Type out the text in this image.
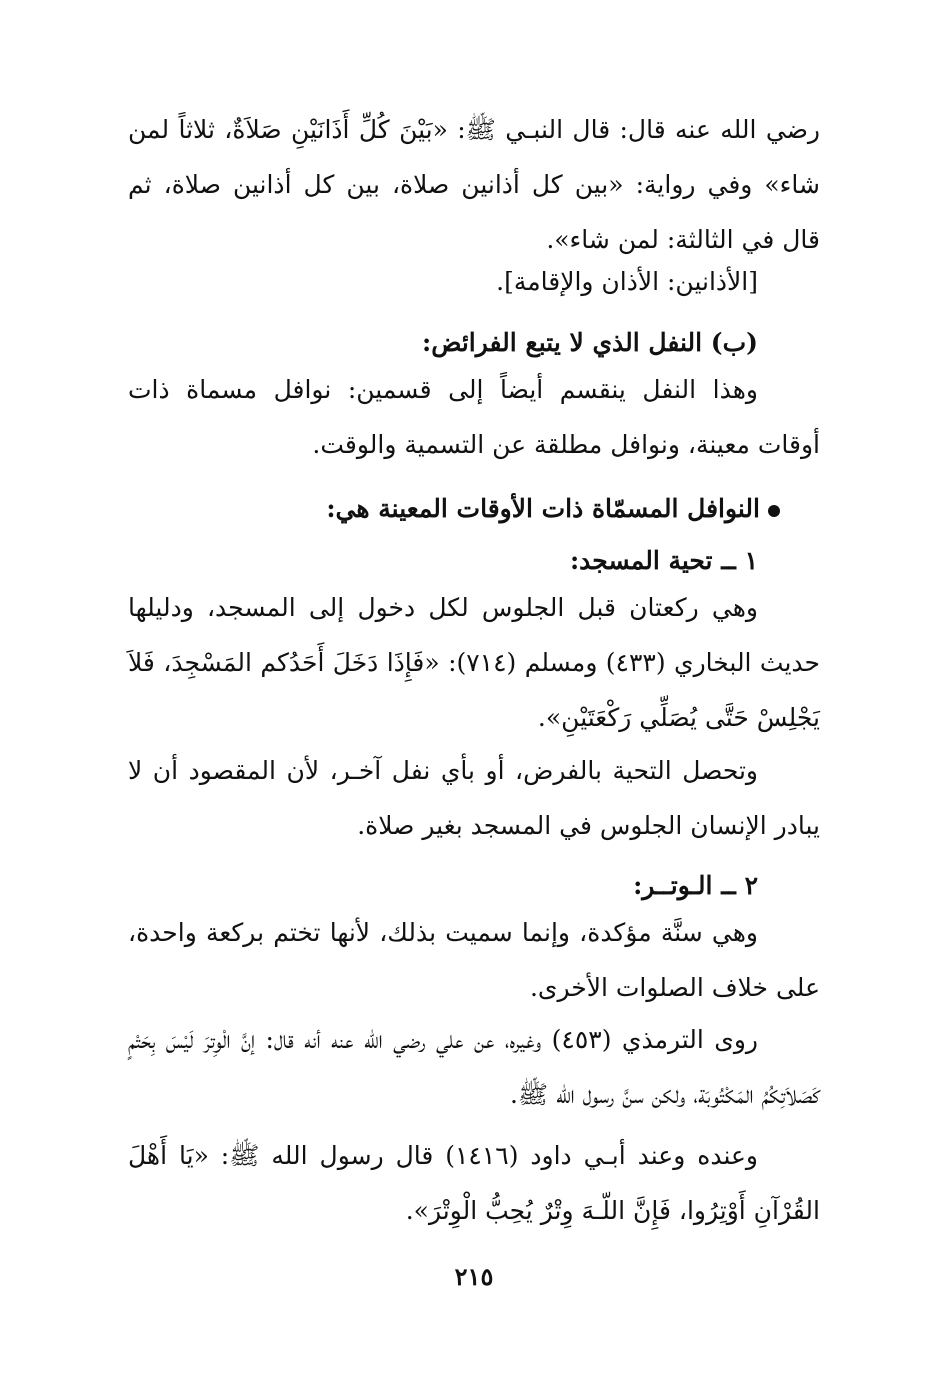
رضي الله عنه قال: قال النبـي ﷺ: «بَيْنَ كُلِّ أَذَانَيْنِ صَلاَةٌ، ثلاثاً لمن شاء» وفي رواية: «بين كل أذانين صلاة، بين كل أذانين صلاة، ثم قال في الثالثة: لمن شاء».

[الأذانين: الأذان والإقامة].
(ب) النفل الذي لا يتبع الفرائض:

وهذا النفل ينقسم أيضاً إلى قسمين: نوافل مسماة ذات أوقات معينة، ونوافل مطلقة عن التسمية والوقت.

النوافل المسمّاة ذات الأوقات المعينة هي:
١ ــ تحية المسجد:

وهي ركعتان قبل الجلوس لكل دخول إلى المسجد، ودليلها حديث البخاري (٤٣٣) ومسلم (٧١٤): «فَإِذَا دَخَلَ أَحَدُكم المَسْجِدَ، فَلاَ يَجْلِسْ حَتَّى يُصَلِّي رَكْعَتَيْنِ».

وتحصل التحية بالفرض، أو بأي نفل آخـر، لأن المقصود أن لا يبادر الإنسان الجلوس في المسجد بغير صلاة.

٢ ــ الـوتــر:

وهي سنَّة مؤكدة، وإنما سميت بذلك، لأنها تختم بركعة واحدة، على خلاف الصلوات الأخرى.

روى الترمذي (٤٥٣) وغيره، عن علي رضي الله عنه أنه قال: إنَّ الْوِترَ لَيْسَ بِحَتْمٍ كَصَلاَتِكُمُ المَكْتُوبَة، ولكن سنَّ رسول الله ﷺ.

وعنده وعند أبـي داود (١٤١٦) قال رسول الله ﷺ: «يَا أَهْلَ القُرْآنِ أَوْتِرُوا، فَإِنَّ اللّـهَ وِتْرٌ يُحِبُّ الْوِتْرَ».

٢١٥
